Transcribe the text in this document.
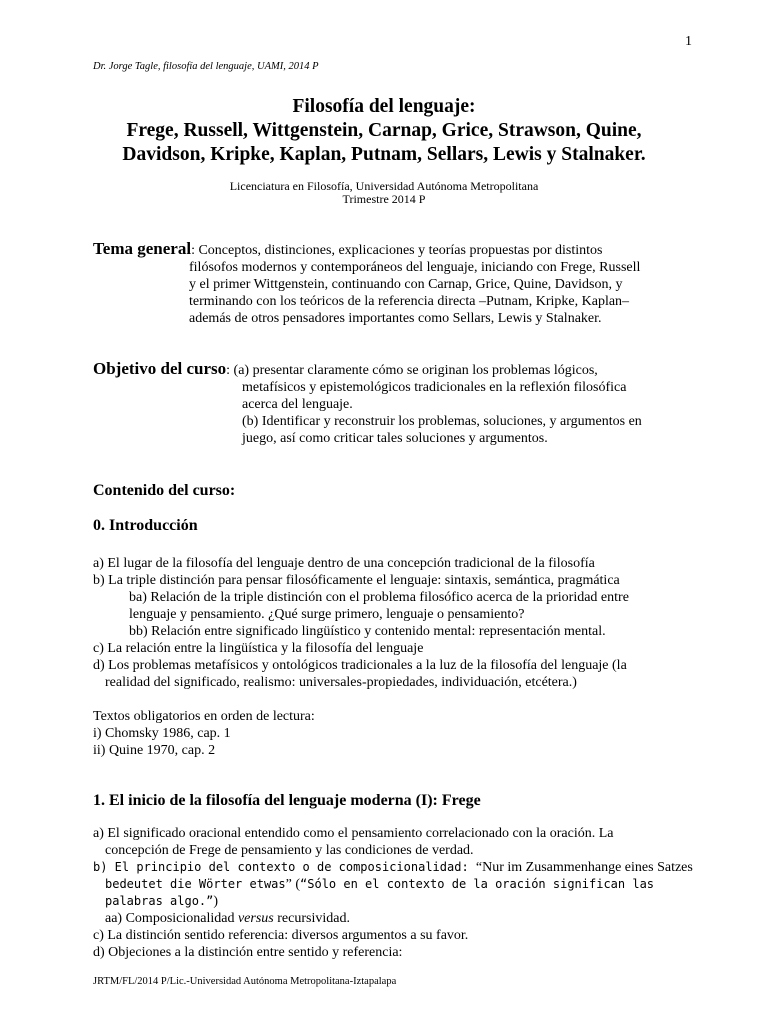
1
Dr. Jorge Tagle, filosofía del lenguaje, UAMI, 2014 P
Filosofía del lenguaje:
Frege, Russell, Wittgenstein, Carnap, Grice, Strawson, Quine,
Davidson, Kripke, Kaplan, Putnam, Sellars, Lewis y Stalnaker.
Licenciatura en Filosofía, Universidad Autónoma Metropolitana
Trimestre 2014 P
Tema general: Conceptos, distinciones, explicaciones y teorías propuestas por distintos
filósofos modernos y contemporáneos del lenguaje, iniciando con Frege, Russell
y el primer Wittgenstein, continuando con Carnap, Grice, Quine, Davidson, y
terminando con los teóricos de la referencia directa –Putnam, Kripke, Kaplan–
además de otros pensadores importantes como Sellars, Lewis y Stalnaker.
Objetivo del curso: (a) presentar claramente cómo se originan los problemas lógicos,
metafísicos y epistemológicos tradicionales en la reflexión filosófica
acerca del lenguaje.
(b) Identificar y reconstruir los problemas, soluciones, y argumentos en
juego, así como criticar tales soluciones y argumentos.
Contenido del curso:
0. Introducción
a) El lugar de la filosofía del lenguaje dentro de una concepción tradicional de la filosofía
b) La triple distinción para pensar filosóficamente el lenguaje: sintaxis, semántica, pragmática
ba) Relación de la triple distinción con el problema filosófico acerca de la prioridad entre
lenguaje y pensamiento. ¿Qué surge primero, lenguaje o pensamiento?
bb) Relación entre significado lingüístico y contenido mental: representación mental.
c) La relación entre la lingüística y la filosofía del lenguaje
d) Los problemas metafísicos y ontológicos tradicionales a la luz de la filosofía del lenguaje (la
realidad del significado, realismo: universales-propiedades, individuación, etcétera.)
Textos obligatorios en orden de lectura:
i) Chomsky 1986, cap. 1
ii) Quine 1970, cap. 2
1. El inicio de la filosofía del lenguaje moderna (I): Frege
a) El significado oracional entendido como el pensamiento correlacionado con la oración. La
concepción de Frege de pensamiento y las condiciones de verdad.
b) El principio del contexto o de composicionalidad: “Nur im Zusammenhange eines Satzes
bedeutet die Wörter etwas” (“Sólo en el contexto de la oración significan las palabras algo.”)
aa) Composicionalidad versus recursividad.
c) La distinción sentido referencia: diversos argumentos a su favor.
d) Objeciones a la distinción entre sentido y referencia:
JRTM/FL/2014 P/Lic.-Universidad Autónoma Metropolitana-Iztapalapa
